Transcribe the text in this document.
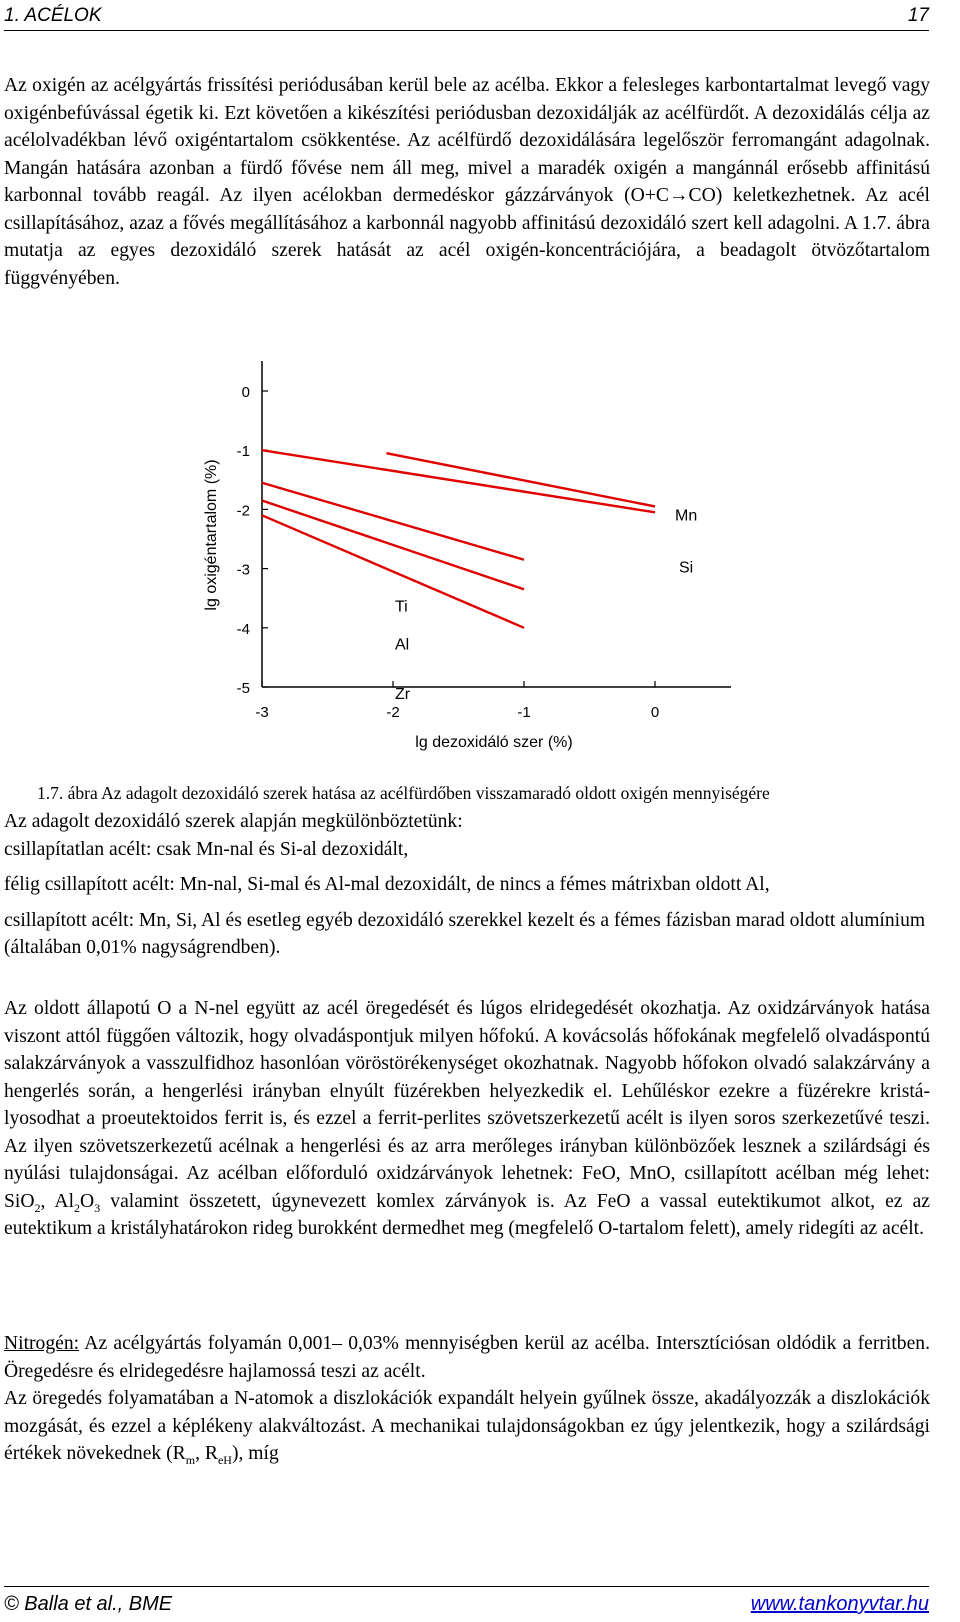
1. ACÉLOK	17

Az oxigén az acélgyártás frissítési periódusában kerül bele az acélba. Ekkor a felesleges karbontartalmat levegő vagy oxigénbefúvással égetik ki. Ezt követően a kikészítési periódusban dezoxidálják az acélfürdőt. A dezoxidálás célja az acélolvadékban lévő oxigéntartalom csökkentése. Az acélfürdő dezoxidálására legelőször ferromangánt adagolnak. Mangán hatására azonban a fürdő fővése nem áll meg, mivel a maradék oxigén a mangánnál erősebb affinitású karbonnal tovább reagál. Az ilyen acélokban dermedéskor gázzárványok (O+C→CO) keletkezhetnek. Az acél csillapításához, azaz a fővés megállításához a karbonnál nagyobb affinitású dezoxidáló szert kell adagolni. A 1.7. ábra mutatja az egyes dezoxidáló szerek hatását az acél oxigén-koncentrációjára, a beadagolt ötvözőtartalom függvényében.

0
-1
-2
-3
-4
-5
-3	-2	-1	0
Mn
Si
Ti
Al
Zr
lg oxigéntartalom (%)
lg dezoxidáló szer (%)
1.7. ábra Az adagolt dezoxidáló szerek hatása az acélfürdőben visszamaradó oldott oxigén mennyiségére

Az adagolt dezoxidáló szerek alapján megkülönböztetünk:

csillapítatlan acélt: csak Mn-nal és Si-al dezoxidált,

félig csillapított acélt: Mn-nal, Si-mal és Al-mal dezoxidált, de nincs a fémes mátrixban oldott Al,

csillapított acélt: Mn, Si, Al és esetleg egyéb dezoxidáló szerekkel kezelt és a fémes fázisban marad oldott alumínium (általában 0,01% nagyságrendben).

Az oldott állapotú O a N-nel együtt az acél öregedését és lúgos elridegedését okozhatja. Az oxidzárványok hatása viszont attól függően változik, hogy olvadáspontjuk milyen hőfokú. A kovácsolás hőfokának megfelelő olvadáspontú salakzárványok a vasszulfidhoz hasonlóan vöröstörékenységet okozhatnak. Nagyobb hőfokon olvadó salakzárvány a hengerlés során, a hengerlési irányban elnyúlt füzérekben helyezkedik el. Lehűléskor ezekre a füzérekre kristá-lyosodhat a proeutektoidos ferrit is, és ezzel a ferrit-perlites szövetszerkezetű acélt is ilyen soros szerkezetűvé teszi. Az ilyen szövetszerkezetű acélnak a hengerlési és az arra merőleges irányban különbözőek lesznek a szilárdsági és nyúlási tulajdonságai. Az acélban előforduló oxidzárványok lehetnek: FeO, MnO, csillapított acélban még lehet: SiO$_2$, $Al_2O_3$ valamint összetett, úgynevezett komlex zárványok is. Az FeO a vassal eutektikumot alkot, ez az eutektikum a kristályhatárokon rideg burokként dermedhet meg (megfelelő O-tartalom felett), amely ridegíti az acélt.

Nitrogén: Az acélgyártás folyamán 0,001– 0,03% mennyiségben kerül az acélba. Intersztíciósan oldódik a ferritben. Öregedésre és elridegedésre hajlamossá teszi az acélt.

Az öregedés folyamatában a N-atomok a diszlokációk expandált helyein gyűlnek össze, akadályozzák a diszlokációk mozgását, és ezzel a képlékeny alakváltozást. A mechanikai tulajdonságokban ez úgy jelentkezik, hogy a szilárdsági értékek növekednek ($R_m$, $R_{eH}$), míg

© Balla et al., BME	www.tankonyvtar.hu
